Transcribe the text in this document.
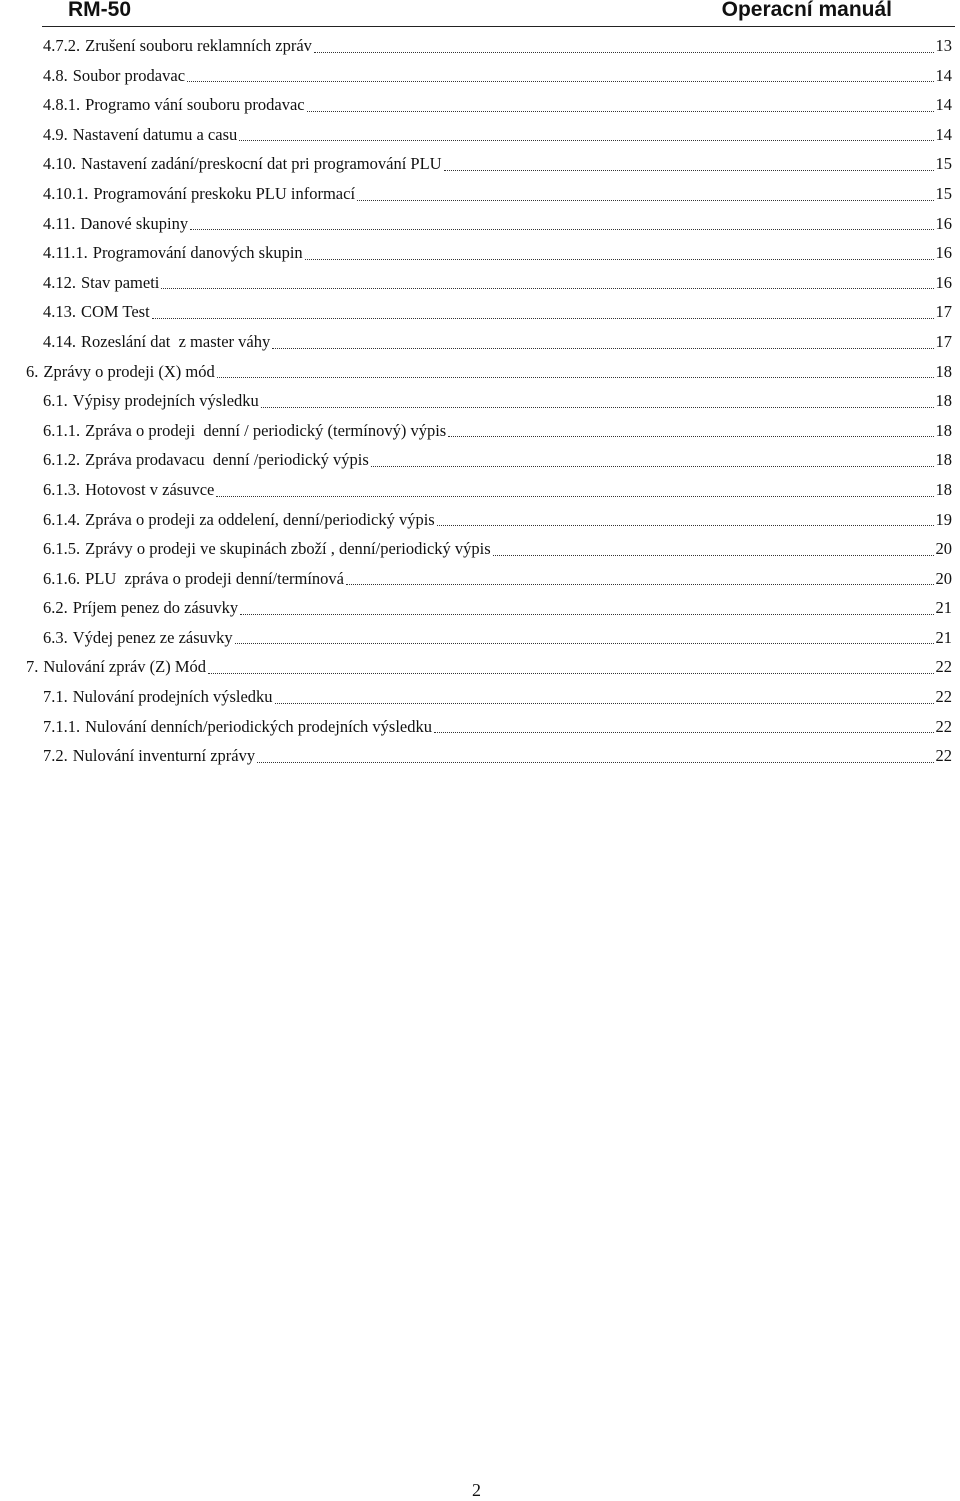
RM-50	Operacní manuál
4.7.2. Zrušení souboru reklamních zpráv	13
4.8. Soubor prodavac	14
4.8.1. Programo vání souboru prodavac	14
4.9. Nastavení datumu a casu	14
4.10. Nastavení zadání/preskocní dat pri programování PLU	15
4.10.1. Programování preskoku PLU informací	15
4.11. Danové skupiny	16
4.11.1. Programování danových skupin	16
4.12. Stav pameti	16
4.13. COM Test	17
4.14. Rozeslání dat  z master váhy	17
6. Zprávy o prodeji (X) mód	18
6.1. Výpisy prodejních výsledku	18
6.1.1. Zpráva o prodeji  denní / periodický (termínový) výpis	18
6.1.2. Zpráva prodavacu  denní /periodický výpis	18
6.1.3. Hotovost v zásuvce	18
6.1.4. Zpráva o prodeji za oddelení, denní/periodický výpis	19
6.1.5. Zprávy o prodeji ve skupinách zboží , denní/periodický výpis	20
6.1.6. PLU  zpráva o prodeji denní/termínová	20
6.2. Príjem penez do zásuvky	21
6.3. Výdej penez ze zásuvky	21
7. Nulování zpráv (Z) Mód	22
7.1. Nulování prodejních výsledku	22
7.1.1. Nulování denních/periodických prodejních výsledku	22
7.2. Nulování inventurní zprávy	22
2
